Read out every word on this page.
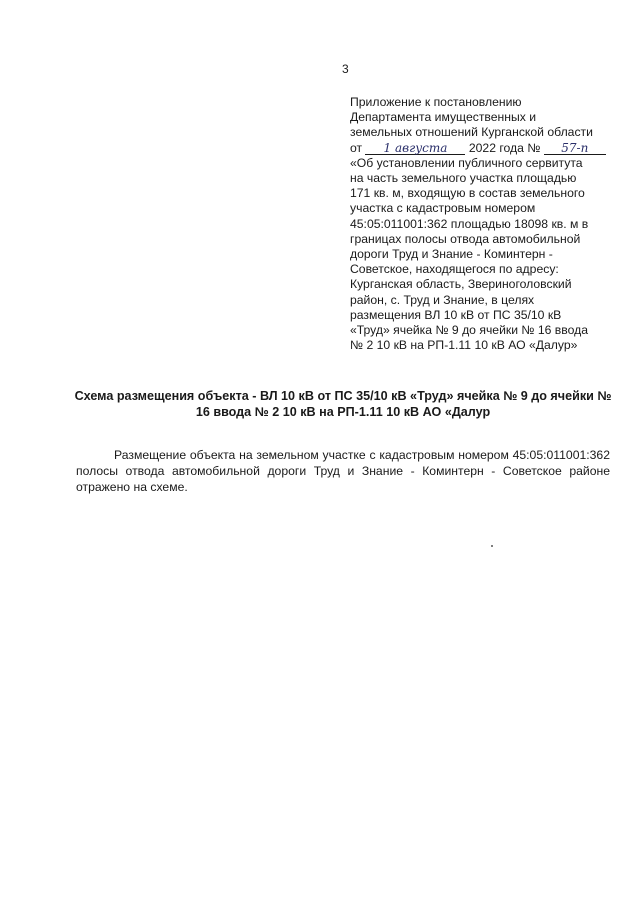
3
Приложение к постановлению
Департамента имущественных и
земельных отношений Курганской области
от 1 августа 2022 года № 57-п
«Об установлении публичного сервитута
на часть земельного участка площадью
171 кв. м, входящую в состав земельного
участка с кадастровым номером
45:05:011001:362 площадью 18098 кв. м в
границах полосы отвода автомобильной
дороги Труд и Знание - Коминтерн -
Советское, находящегося по адресу:
Курганская область, Звериноголовский
район, с. Труд и Знание, в целях
размещения ВЛ 10 кВ от ПС 35/10 кВ
«Труд» ячейка № 9 до ячейки № 16 ввода
№ 2 10 кВ на РП-1.11 10 кВ АО «Далур»
Схема размещения объекта - ВЛ 10 кВ от ПС 35/10 кВ «Труд» ячейка № 9 до ячейки № 16 ввода № 2 10 кВ на РП-1.11 10 кВ АО «Далур
Размещение объекта на земельном участке с кадастровым номером 45:05:011001:362 полосы отвода автомобильной дороги Труд и Знание - Коминтерн - Советское районе отражено на схеме.
